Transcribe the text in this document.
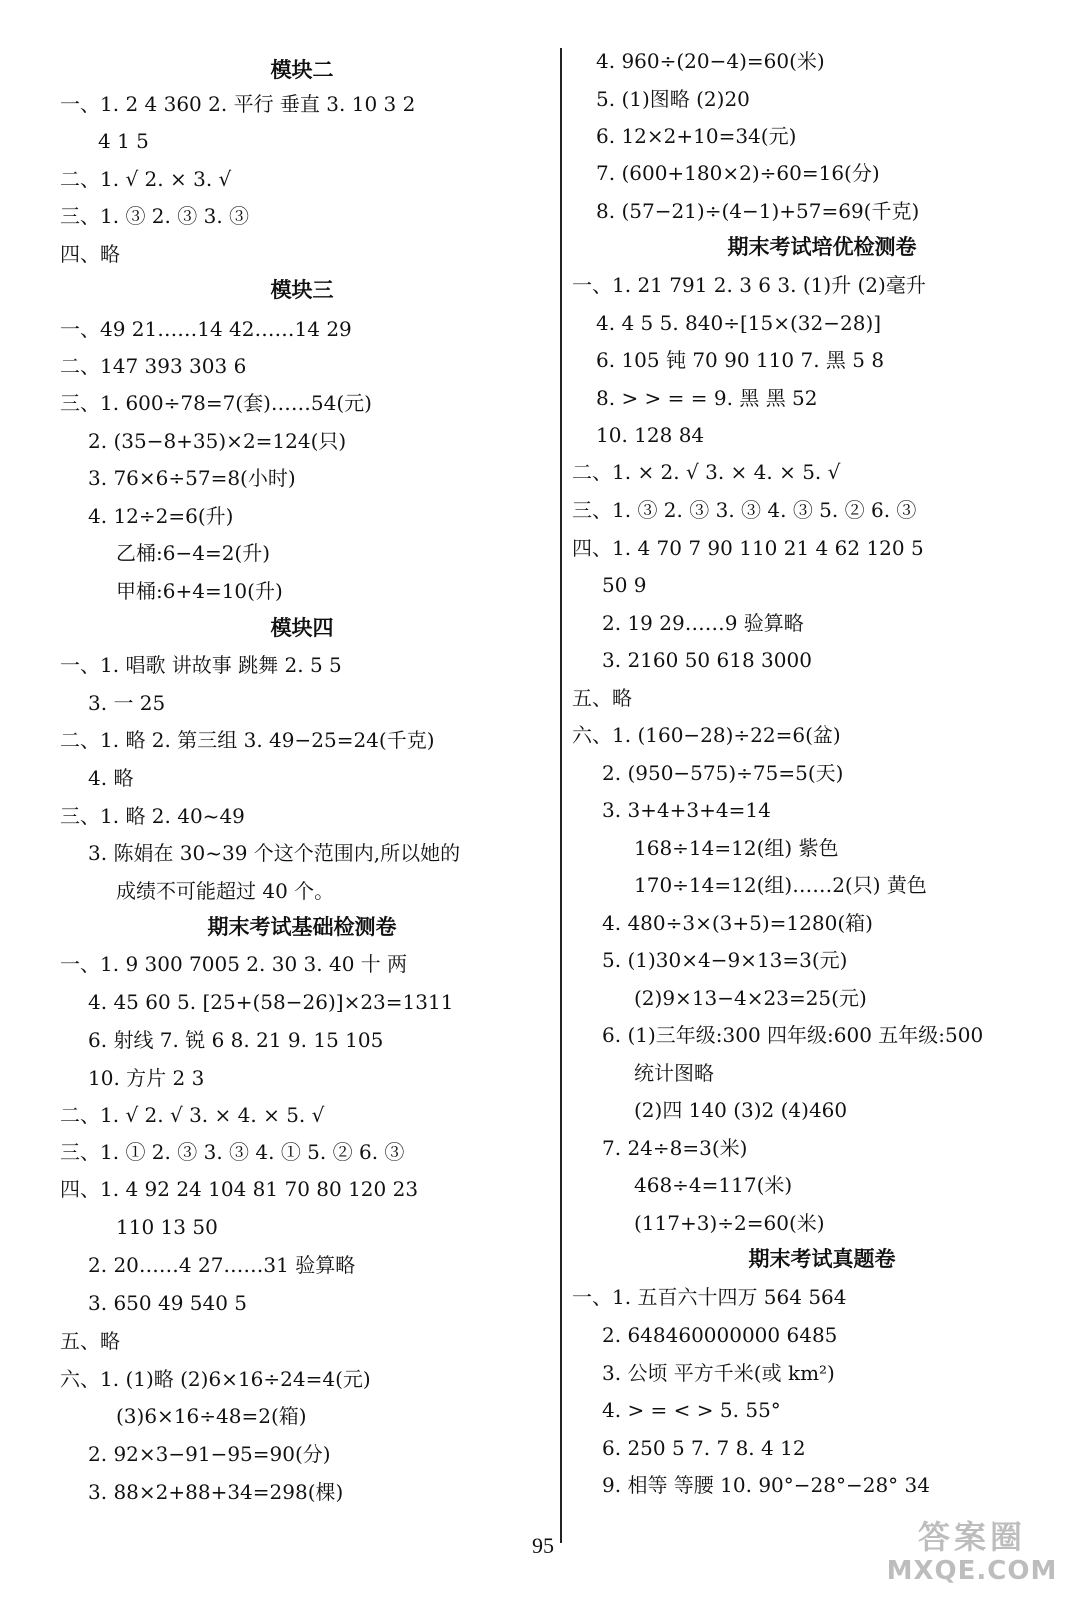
模块二
一、1. 2 4 360 2. 平行 垂直 3. 10 3 2
4 1 5
二、1. √ 2. × 3. √
三、1. ③ 2. ③ 3. ③
四、略
模块三
一、49 21……14 42……14 29
二、147 393 303 6
三、1. 600÷78=7(套)……54(元)
2. (35−8+35)×2=124(只)
3. 76×6÷57=8(小时)
4. 12÷2=6(升)
乙桶:6−4=2(升)
甲桶:6+4=10(升)
模块四
一、1. 唱歌 讲故事 跳舞 2. 5 5
3. 一 25
二、1. 略 2. 第三组 3. 49−25=24(千克)
4. 略
三、1. 略 2. 40~49
3. 陈娟在 30~39 个这个范围内,所以她的
成绩不可能超过 40 个。
期末考试基础检测卷
一、1. 9 300 7005 2. 30 3. 40 十 两
4. 45 60 5. [25+(58−26)]×23=1311
6. 射线 7. 锐 6 8. 21 9. 15 105
10. 方片 2 3
二、1. √ 2. √ 3. × 4. × 5. √
三、1. ① 2. ③ 3. ③ 4. ① 5. ② 6. ③
四、1. 4 92 24 104 81 70 80 120 23
110 13 50
2. 20……4 27……31 验算略
3. 650 49 540 5
五、略
六、1. (1)略 (2)6×16÷24=4(元)
(3)6×16÷48=2(箱)
2. 92×3−91−95=90(分)
3. 88×2+88+34=298(棵)
4. 960÷(20−4)=60(米)
5. (1)图略 (2)20
6. 12×2+10=34(元)
7. (600+180×2)÷60=16(分)
8. (57−21)÷(4−1)+57=69(千克)
期末考试培优检测卷
一、1. 21 791 2. 3 6 3. (1)升 (2)毫升
4. 4 5 5. 840÷[15×(32−28)]
6. 105 钝 70 90 110 7. 黑 5 8
8. > > = = 9. 黑 黑 52
10. 128 84
二、1. × 2. √ 3. × 4. × 5. √
三、1. ③ 2. ③ 3. ③ 4. ③ 5. ② 6. ③
四、1. 4 70 7 90 110 21 4 62 120 5
50 9
2. 19 29……9 验算略
3. 2160 50 618 3000
五、略
六、1. (160−28)÷22=6(盆)
2. (950−575)÷75=5(天)
3. 3+4+3+4=14
168÷14=12(组) 紫色
170÷14=12(组)……2(只) 黄色
4. 480÷3×(3+5)=1280(箱)
5. (1)30×4−9×13=3(元)
(2)9×13−4×23=25(元)
6. (1)三年级:300 四年级:600 五年级:500
统计图略
(2)四 140 (3)2 (4)460
7. 24÷8=3(米)
468÷4=117(米)
(117+3)÷2=60(米)
期末考试真题卷
一、1. 五百六十四万 564 564
2. 648460000000 6485
3. 公顷 平方千米(或 km²)
4. > = < > 5. 55°
6. 250 5 7. 7 8. 4 12
9. 相等 等腰 10. 90°−28°−28° 34
95	答案圈
MXQE.COM
